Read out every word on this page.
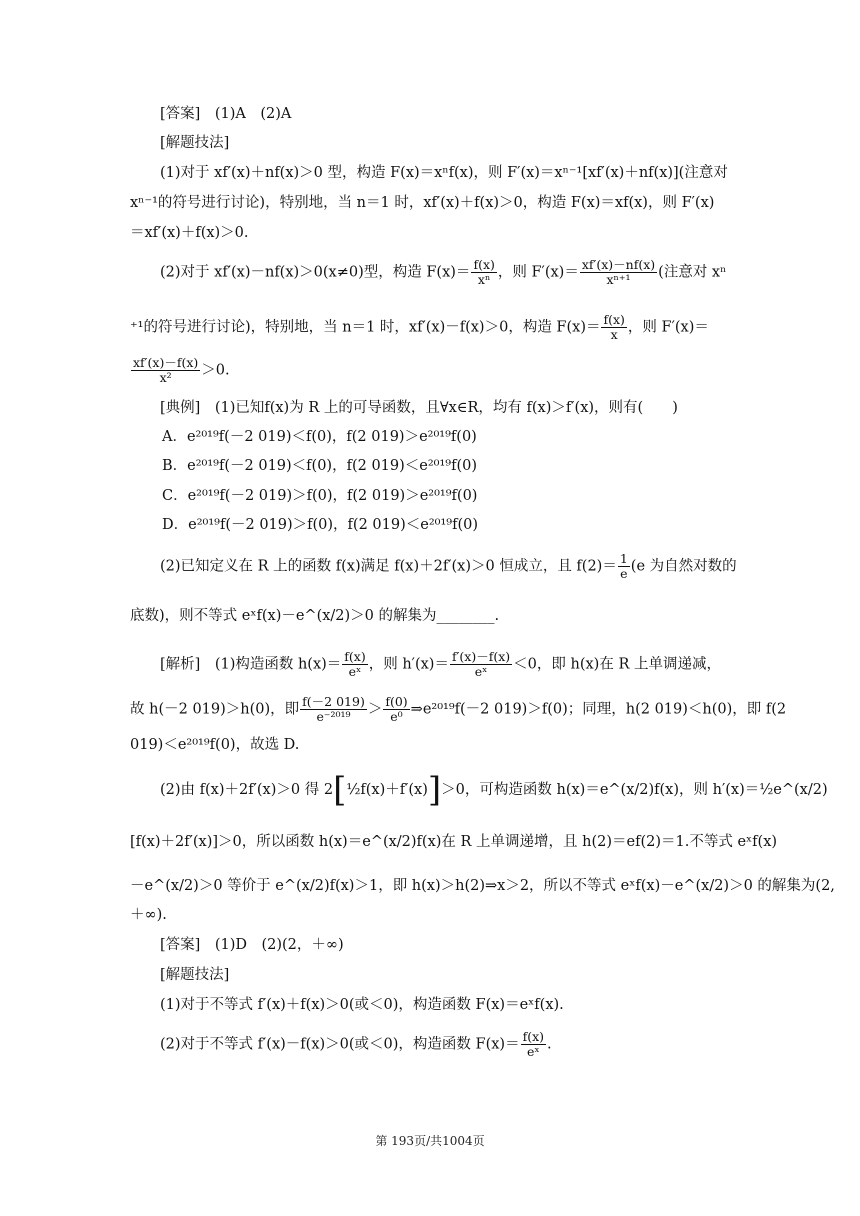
[答案]　(1)A　(2)A
[解题技法]
(1)对于 xf′(x)＋nf(x)＞0 型，构造 F(x)＝xⁿf(x)，则 F′(x)＝xⁿ⁻¹[xf′(x)＋nf(x)](注意对
xⁿ⁻¹的符号进行讨论)，特别地，当 n＝1 时，xf′(x)＋f(x)＞0，构造 F(x)＝xf(x)，则 F′(x)
＝xf′(x)＋f(x)＞0.
(2)对于 xf′(x)－nf(x)＞0(x≠0)型，构造 $F(x)= \frac{f(x)}{\text{xⁿ}}$ ，则 $F'(x)= \frac{xf'(x)-nf(x)}{\text{xⁿ⁺¹}}$ (注意对 xⁿ
⁺¹的符号进行讨论)，特别地，当 n＝1 时，xf′(x)－f(x)＞0，构造 $F(x)= \frac{f(x)}{x}$ ，则 F′(x)＝
$\frac{xf'(x)-f(x)}{\text{x²}} >0$.
[典例]　(1)已知f(x)为 R 上的可导函数，且∀x∈R，均有 f(x)＞f′(x)，则有(　　)
A．e²⁰¹⁹f(－2 019)＜f(0)，f(2 019)＞e²⁰¹⁹f(0)
B．e²⁰¹⁹f(－2 019)＜f(0)，f(2 019)＜e²⁰¹⁹f(0)
C．e²⁰¹⁹f(－2 019)＞f(0)，f(2 019)＞e²⁰¹⁹f(0)
D．e²⁰¹⁹f(－2 019)＞f(0)，f(2 019)＜e²⁰¹⁹f(0)
(2)已知定义在 R 上的函数 f(x)满足 f(x)＋2f′(x)＞0 恒成立，且 $f(2)= \frac{1}{e} (e$ 为自然对数的
底数)，则不等式 eˣf(x)－e^(x/2)＞0 的解集为________.
[解析]　(1)构造函数 $h(x)= \frac{f(x)}{\text{eˣ}}$ ，则 $h'(x)= \frac{f'(x)-f(x)}{\text{eˣ}} <0$，即 h(x)在 R 上单调递减，
故 h(－2 019)＞h(0)，即 $\frac{f(-2 019)}{\text{e⁻²⁰¹⁹}} > \frac{f(0)}{\text{e⁰}}$ ⇒e²⁰¹⁹f(－2 019)＞f(0)；同理，h(2 019)＜h(0)，即 f(2
019)＜e²⁰¹⁹f(0)，故选 D.
(2)由 f(x)＋2f′(x)＞0 得 2[½f(x)＋f′(x)]＞0，可构造函数 h(x)＝e^(x/2)f(x)，则 h′(x)＝½e^(x/2)
[f(x)＋2f′(x)]＞0，所以函数 h(x)＝e^(x/2)f(x)在 R 上单调递增，且 h(2)＝ef(2)＝1.不等式 eˣf(x)
－e^(x/2)＞0 等价于 e^(x/2)f(x)＞1，即 h(x)＞h(2)⇒x＞2，所以不等式 eˣf(x)－e^(x/2)＞0 的解集为(2,
＋∞).
[答案]　(1)D　(2)(2，＋∞)
[解题技法]
(1)对于不等式 f′(x)＋f(x)＞0(或＜0)，构造函数 F(x)＝eˣf(x).
(2)对于不等式 f′(x)－f(x)＞0(或＜0)，构造函数 $F(x)= \frac{f(x)}{\text{eˣ}}$ .
第 193页/共1004页
